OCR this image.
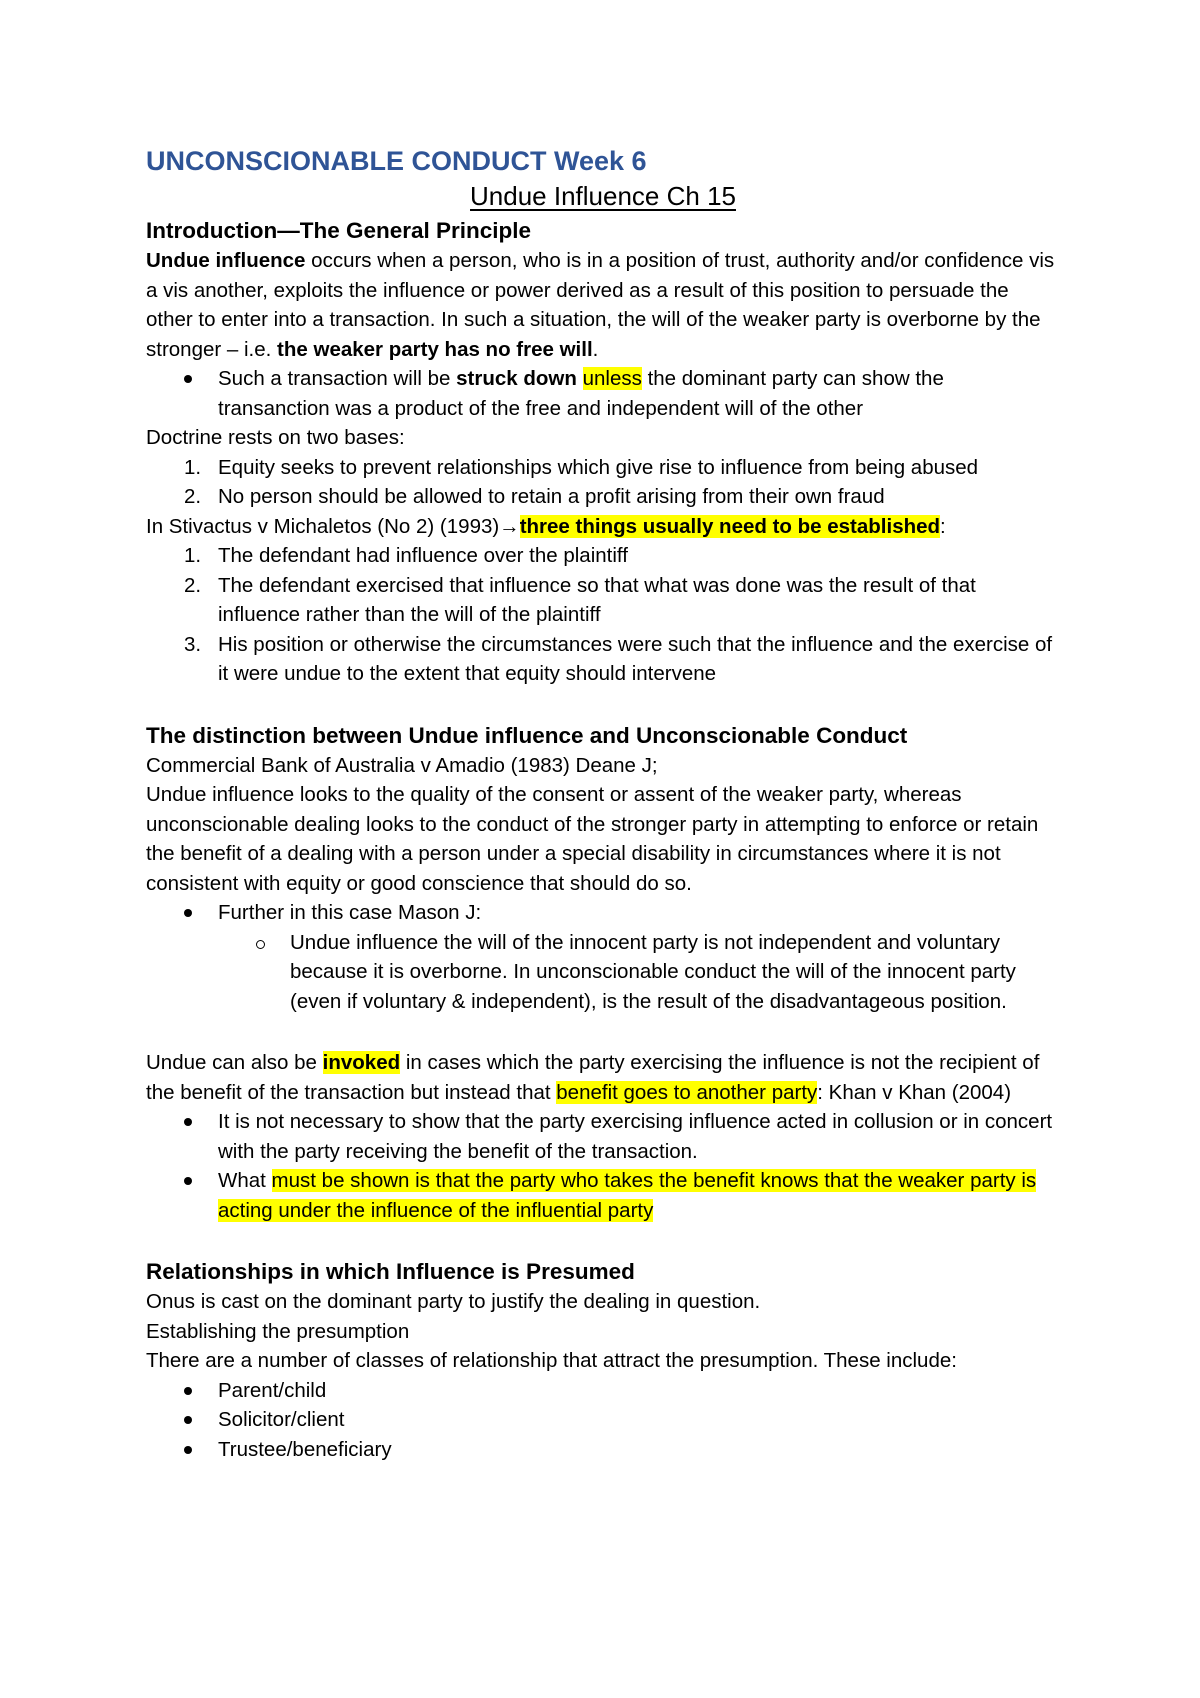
UNCONSCIONABLE CONDUCT Week 6

Undue Influence Ch 15

Introduction—The General Principle

Undue influence occurs when a person, who is in a position of trust, authority and/or confidence vis a vis another, exploits the influence or power derived as a result of this position to persuade the other to enter into a transaction. In such a situation, the will of the weaker party is overborne by the stronger – i.e. the weaker party has no free will.

Such a transaction will be struck down unless the dominant party can show the transanction was a product of the free and independent will of the other

Doctrine rests on two bases:

1. Equity seeks to prevent relationships which give rise to influence from being abused
2. No person should be allowed to retain a profit arising from their own fraud

In Stivactus v Michaletos (No 2) (1993)→three things usually need to be established:

1. The defendant had influence over the plaintiff
2. The defendant exercised that influence so that what was done was the result of that influence rather than the will of the plaintiff
3. His position or otherwise the circumstances were such that the influence and the exercise of it were undue to the extent that equity should intervene

The distinction between Undue influence and Unconscionable Conduct

Commercial Bank of Australia v Amadio (1983) Deane J;

Undue influence looks to the quality of the consent or assent of the weaker party, whereas unconscionable dealing looks to the conduct of the stronger party in attempting to enforce or retain the benefit of a dealing with a person under a special disability in circumstances where it is not consistent with equity or good conscience that should do so.

Further in this case Mason J:
Undue influence the will of the innocent party is not independent and voluntary because it is overborne. In unconscionable conduct the will of the innocent party (even if voluntary & independent), is the result of the disadvantageous position.

Undue can also be invoked in cases which the party exercising the influence is not the recipient of the benefit of the transaction but instead that benefit goes to another party: Khan v Khan (2004)

It is not necessary to show that the party exercising influence acted in collusion or in concert with the party receiving the benefit of the transaction.
What must be shown is that the party who takes the benefit knows that the weaker party is acting under the influence of the influential party

Relationships in which Influence is Presumed

Onus is cast on the dominant party to justify the dealing in question.

Establishing the presumption

There are a number of classes of relationship that attract the presumption. These include:

Parent/child
Solicitor/client
Trustee/beneficiary
